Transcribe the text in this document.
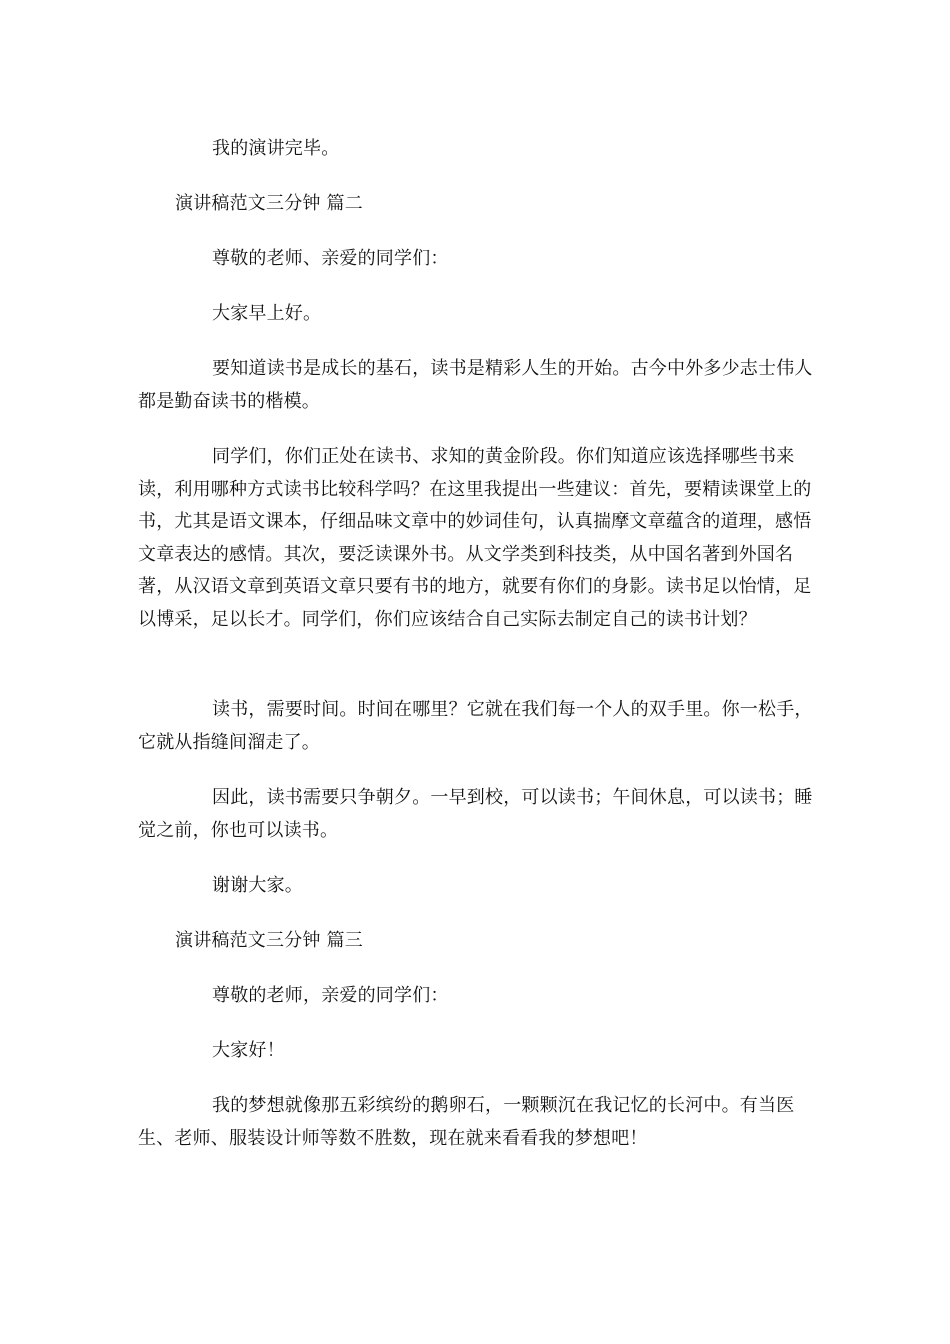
我的演讲完毕。

演讲稿范文三分钟 篇二

尊敬的老师、亲爱的同学们：

大家早上好。

要知道读书是成长的基石，读书是精彩人生的开始。古今中外多少志士伟人都是勤奋读书的楷模。

同学们，你们正处在读书、求知的黄金阶段。你们知道应该选择哪些书来读，利用哪种方式读书比较科学吗？在这里我提出一些建议：首先，要精读课堂上的书，尤其是语文课本，仔细品味文章中的妙词佳句，认真揣摩文章蕴含的道理，感悟文章表达的感情。其次，要泛读课外书。从文学类到科技类，从中国名著到外国名著，从汉语文章到英语文章只要有书的地方，就要有你们的身影。读书足以怡情，足以博采，足以长才。同学们，你们应该结合自己实际去制定自己的读书计划？

读书，需要时间。时间在哪里？它就在我们每一个人的双手里。你一松手，它就从指缝间溜走了。

因此，读书需要只争朝夕。一早到校，可以读书；午间休息，可以读书；睡觉之前，你也可以读书。

谢谢大家。

演讲稿范文三分钟 篇三

尊敬的老师，亲爱的同学们：

大家好！

我的梦想就像那五彩缤纷的鹅卵石，一颗颗沉在我记忆的长河中。有当医生、老师、服装设计师等数不胜数，现在就来看看我的梦想吧！
